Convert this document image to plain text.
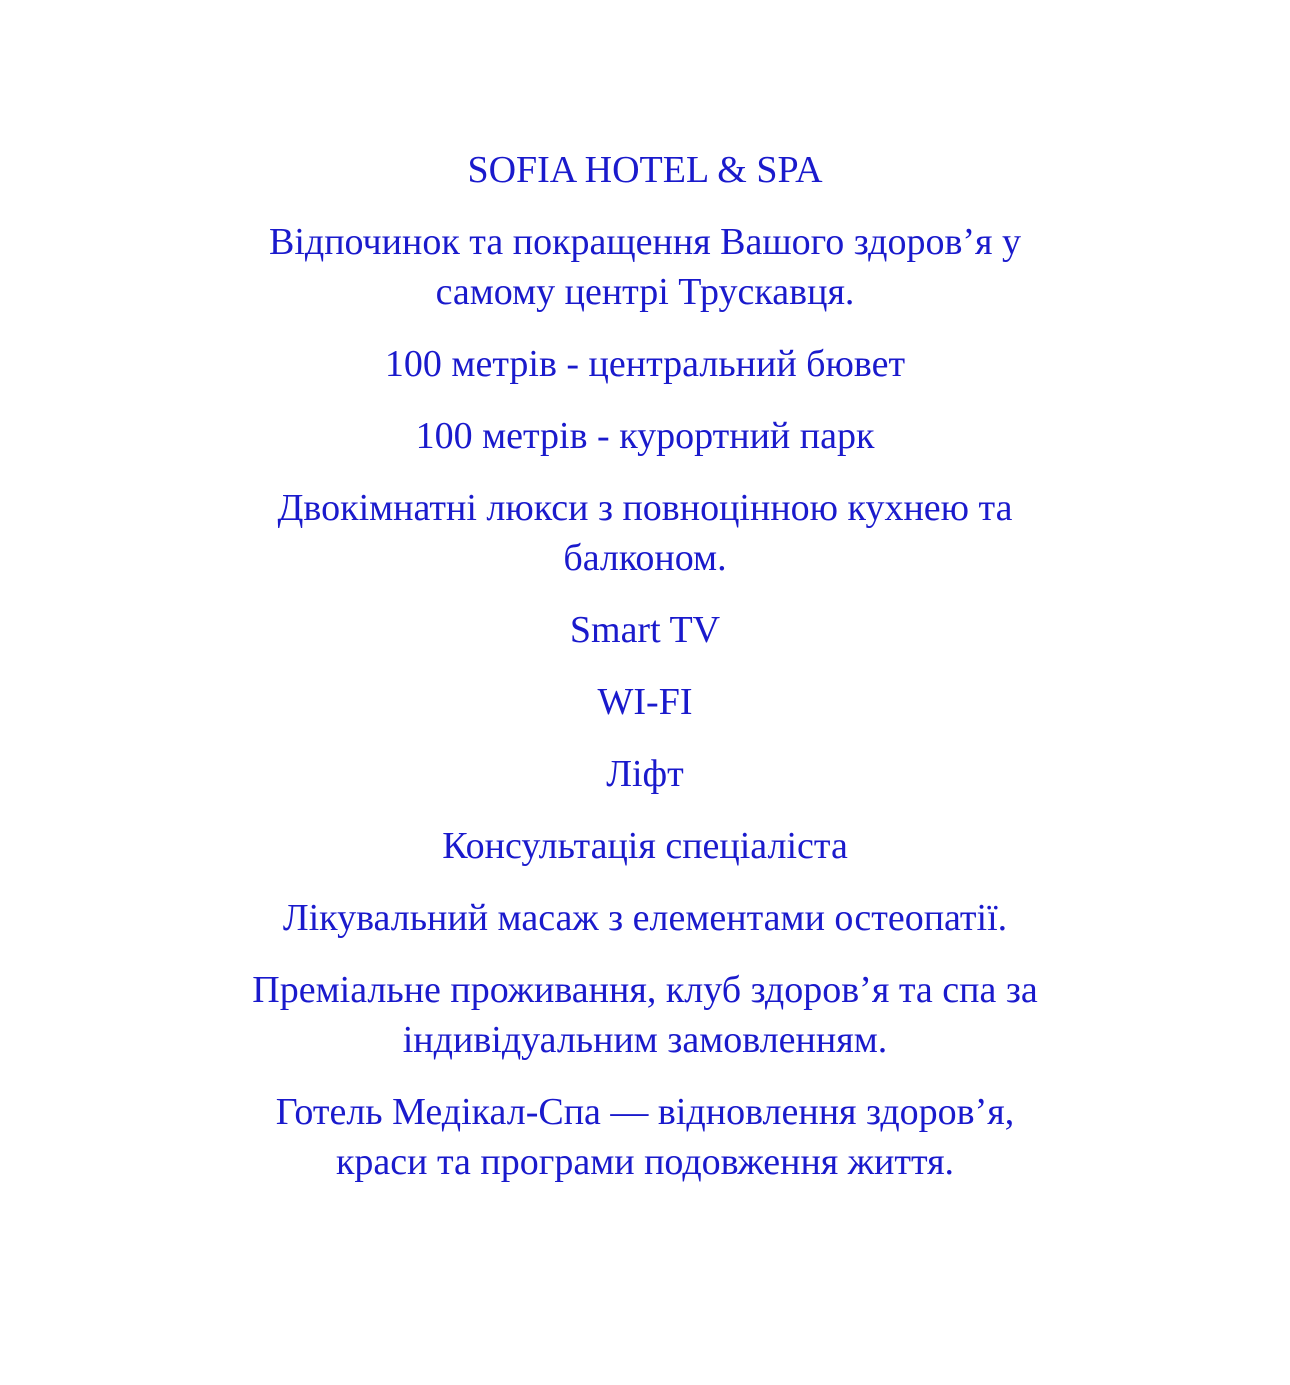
SOFIA HOTEL & SPA
Відпочинок та покращення Вашого здоров’я у
самому центрі Трускавця.
100 метрів - центральний бювет
100 метрів - курортний парк
Двокімнатні люкси з повноцінною кухнею та
балконом.
Smart TV
WI-FI
Ліфт
Консультація спеціаліста
Лікувальний масаж з елементами остеопатії.
Преміальне проживання, клуб здоров’я та спа за
індивідуальним замовленням.
Готель Медікал-Спа — відновлення здоров’я,
краси та програми подовження життя.
